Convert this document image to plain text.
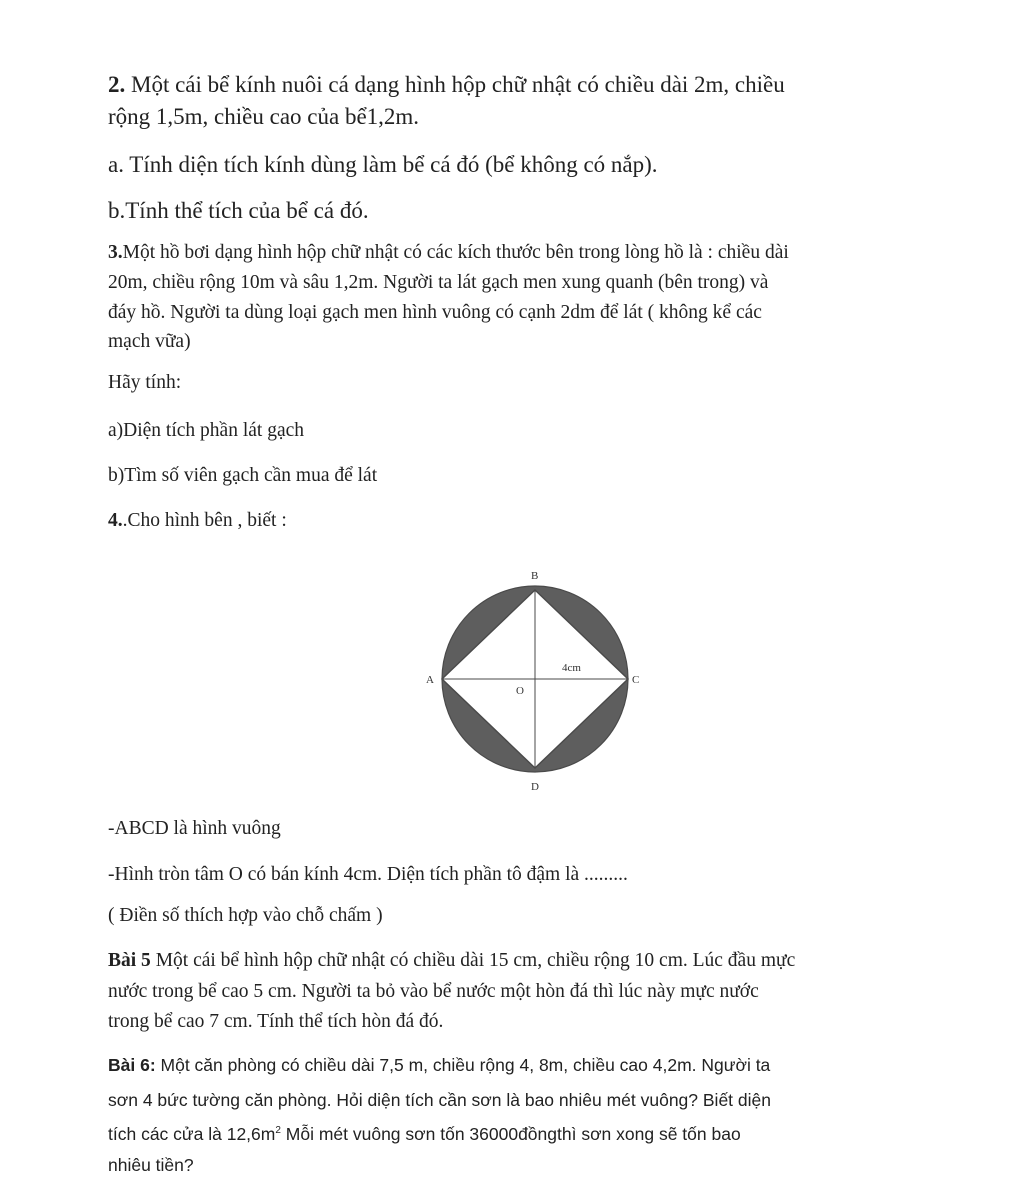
2. Một cái bể kính nuôi cá dạng hình hộp chữ nhật có chiều dài 2m, chiều

rộng 1,5m, chiều cao của bể1,2m.

a. Tính diện tích kính dùng làm bể cá đó (bể không có nắp).

b.Tính thể tích của bể cá đó.

3.Một hồ bơi dạng hình hộp chữ nhật có các kích thước bên trong lòng hồ là : chiều dài

20m, chiều rộng 10m và sâu 1,2m. Người ta lát gạch men xung quanh (bên trong) và

đáy hồ. Người ta dùng loại gạch men hình vuông có cạnh 2dm để lát ( không kể các

mạch vữa)

Hãy tính:

a)Diện tích phần lát gạch

b)Tìm số viên gạch cần mua để lát

4..Cho hình bên , biết :

B
A	C
D
O
4cm

-ABCD là hình vuông

-Hình tròn tâm O có bán kính 4cm. Diện tích phần tô đậm là .........

( Điền số thích hợp vào chỗ chấm )

Bài 5 Một cái bể hình hộp chữ nhật có chiều dài 15 cm, chiều rộng 10 cm. Lúc đầu mực

nước trong bể cao 5 cm. Người ta bỏ vào bể nước một hòn đá thì lúc này mực nước

trong bể cao 7 cm. Tính thể tích hòn đá đó.

Bài 6: Một căn phòng có chiều dài 7,5 m, chiều rộng 4, 8m, chiều cao 4,2m. Người ta

sơn 4 bức tường căn phòng. Hỏi diện tích cần sơn là bao nhiêu mét vuông? Biết diện

tích các cửa là $12,6m^2$ Mỗi mét vuông sơn tốn 36000đồngthì sơn xong sẽ tốn bao

nhiêu tiền?
